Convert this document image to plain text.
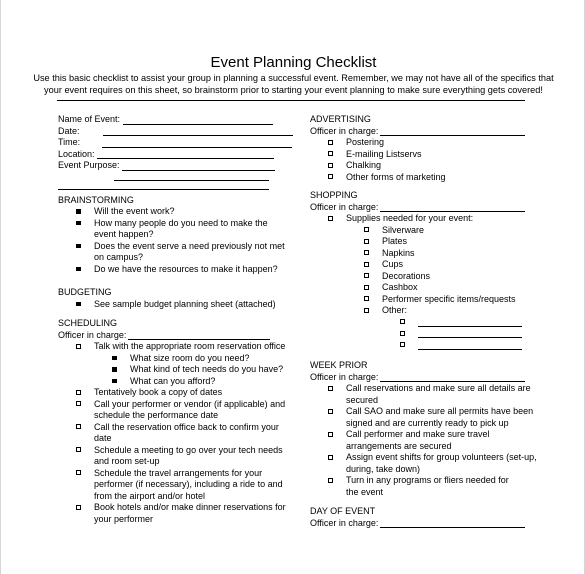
Event Planning Checklist
Use this basic checklist to assist your group in planning a successful event. Remember, we may not have all of the specifics that
your event requires on this sheet, so brainstorm prior to starting your event planning to make sure everything gets covered!
Name of Event:
Date:
Time:
Location:
Event Purpose:
BRAINSTORMING
Will the event work?
How many people do you need to make the
event happen?
Does the event serve a need previously not met
on campus?
Do we have the resources to make it happen?
BUDGETING
See sample budget planning sheet (attached)
SCHEDULING
Officer in charge:
Talk with the appropriate room reservation office
What size room do you need?
What kind of tech needs do you have?
What can you afford?
Tentatively book a copy of dates
Call your performer or vendor (if applicable) and
schedule the performance date
Call the reservation office back to confirm your
date
Schedule a meeting to go over your tech needs
and room set-up
Schedule the travel arrangements for your
performer (if necessary), including a ride to and
from the airport and/or hotel
Book hotels and/or make dinner reservations for
your performer
ADVERTISING
Officer in charge:
Postering
E-mailing Listservs
Chalking
Other forms of marketing
SHOPPING
Officer in charge:
Supplies needed for your event:
Silverware
Plates
Napkins
Cups
Decorations
Cashbox
Performer specific items/requests
Other:
WEEK PRIOR
Officer in charge:
Call reservations and make sure all details are
secured
Call SAO and make sure all permits have been
signed and are currently ready to pick up
Call performer and make sure travel
arrangements are secured
Assign event shifts for group volunteers (set-up,
during, take down)
Turn in any programs or fliers needed for
the event
DAY OF EVENT
Officer in charge:
